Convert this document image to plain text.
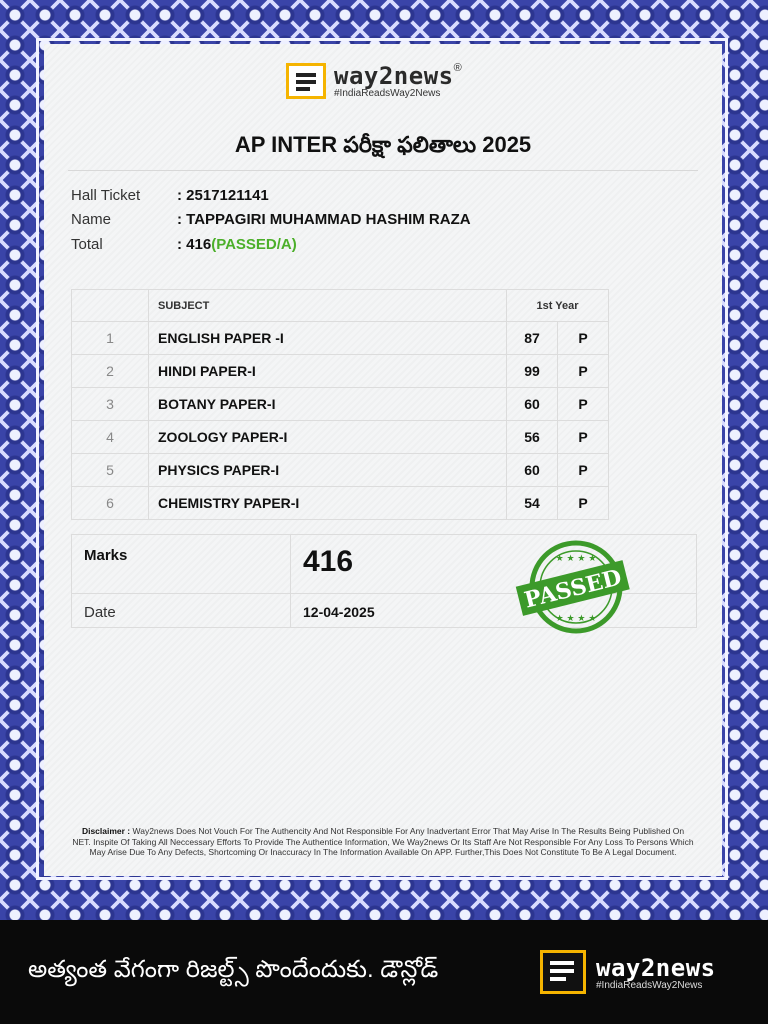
way2news®
#IndiaReadsWay2News
AP INTER పరీక్షా ఫలితాలు 2025
Hall Ticket	: 2517121141
Name	: TAPPAGIRI MUHAMMAD HASHIM RAZA
Total	: 416(PASSED/A)
	SUBJECT	1st Year	
1	ENGLISH PAPER -I	87	P
2	HINDI PAPER-I	99	P
3	BOTANY PAPER-I	60	P
4	ZOOLOGY PAPER-I	56	P
5	PHYSICS PAPER-I	60	P
6	CHEMISTRY PAPER-I	54	P
Marks	416
Date	12-04-2025
★ ★ ★ ★
★ ★ ★ ★
PASSED
Disclaimer : Way2news Does Not Vouch For The Authencity And Not Responsible For Any Inadvertant Error That May Arise In The Results Being Published On NET. Inspite Of Taking All Neccessary Efforts To Provide The Authentice Information, We Way2news Or Its Staff Are Not Responsible For Any Loss To Persons Which May Arise Due To Any Defects, Shortcoming Or Inaccuracy In The Information Available On APP. Further,This Does Not Constitute To Be A Legal Document.
అత్యంత వేగంగా రిజల్ట్స్ పొందేందుకు. డౌన్లోడ్	way2news
#IndiaReadsWay2News
